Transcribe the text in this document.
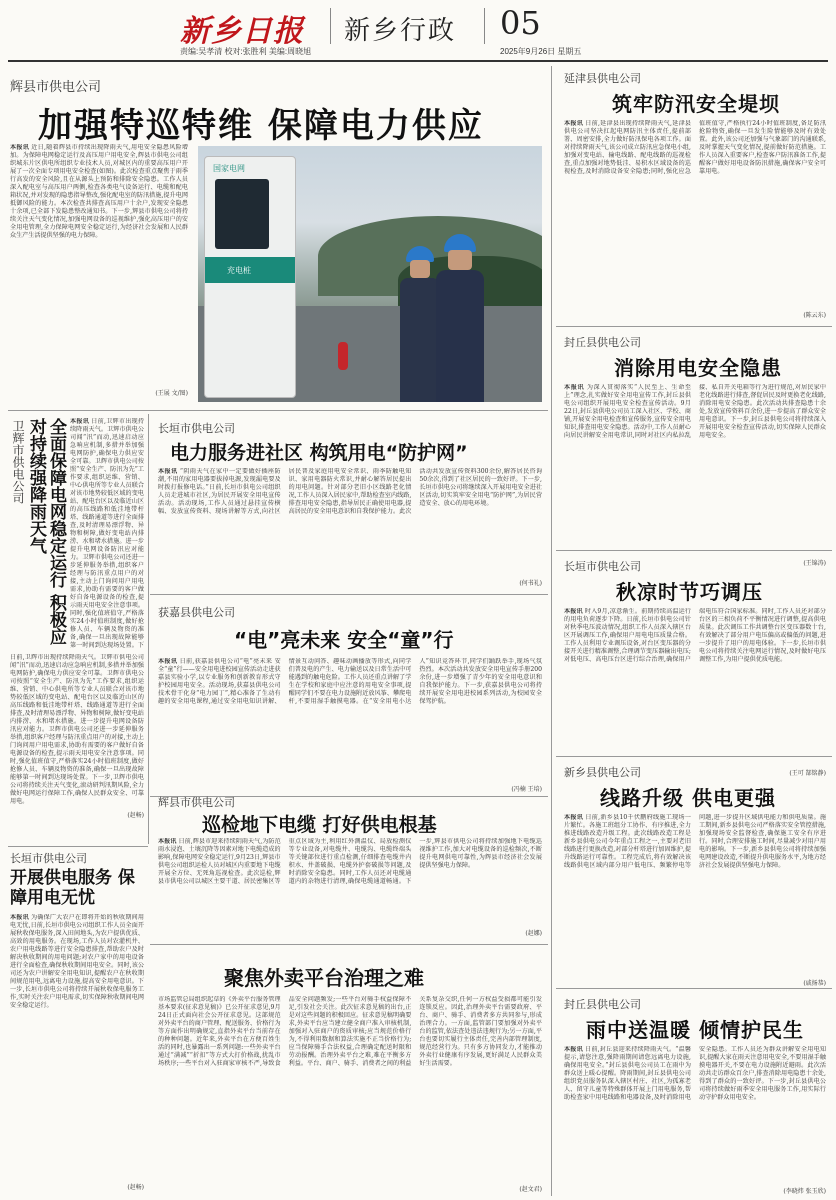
新乡日报 新乡行政 05
责编:吴孝清 校对:张胜利 美编:周晓旭	2025年9月26日 星期五
辉县市供电公司
加强特巡特维 保障电力供应
本报讯 近日,随着辉县市持续出现降雨天气,用电安全隐患风险增加。为保障电网稳定运行及高压用户用电安全,辉县市供电公司组织城东片区供电所组织专业技术人员,对城区内的重要高压用户开展了一次全面专项用电安全检查(如图)。此次检查重点聚焦于雨季行高发的安全风险,且在从源头上预防和排除安全隐患。工作人员深入配电室与高压用户两侧,检查各类电气设备运行、电缆和配电箱状况,并对发现的隐患指导整改,强化配电室的防汛措施,提升电网抵御风险的能力。本次检查共排查高压用户十余户,发现安全隐患十余项,已全部下发隐患整改通知书。下一步,辉县市供电公司将持续关注天气变化情况,加强电网设备的巡视维护,强化高压用户的安全用电管理,全力保障电网安全稳定运行,为经济社会发展和人民群众生产生活提供坚强的电力保障。
(王展 文/图)
国家电网
充电桩
延津县供电公司
筑牢防汛安全堤坝
本报讯 日前,延津县出现持续降雨天气,延津县供电公司坚决扛起电网防汛主体责任,提前部署、周密安排,全力做好防汛保电各项工作。面对持续降雨天气,该公司成立防汛应急保电小组,加强对变电站、输电线路、配电线路的巡视检查,重点加强对地势低洼、易积水区域设备的巡视检查,及时消除设备安全隐患;同时,强化应急值班值守,严格执行24小时值班制度,备足防汛抢险物资,确保一旦发生险情能够及时有效处置。此外,该公司还加强与气象部门的沟通联系,及时掌握天气变化情况,提前做好防范措施。工作人员深入重要客户,检查客户防汛准备工作,提醒客户做好用电设备防汛措施,确保客户安全可靠用电。
(陈云东)
封丘县供电公司
消除用电安全隐患
本报讯 为深入贯彻落实“人民至上、生命至上”理念,扎实做好安全用电宣传工作,封丘县供电公司组织开展用电安全检查宣传活动。9月22日,封丘县供电公司员工深入社区、学校、商铺,开展安全用电检查和宣传服务,宣传安全用电知识,排查用电安全隐患。活动中,工作人员耐心向居民讲解安全用电常识,同时对社区内私拉乱接、私自开关电箱等行为进行规范,对居民家中老化线路进行排查,督促居民及时更换老化线路,消除用电安全隐患。此次活动共排查隐患十余处,发放宣传资料百余份,进一步提高了群众安全用电意识。下一步,封丘县供电公司将持续深入开展用电安全检查宣传活动,切实保障人民群众用电安全。
(王锦涛)
长垣市供电公司
秋凉时节巧调压
本报讯 时入9月,凉意渐生。前期持续高温运行的用电负荷逐步下降。日前,长垣市供电公司针对秋季电压波动情况,组织工作人员深入辖区台区开展调压工作,确保用户用电电压质量合格。工作人员利用专业调压设备,对台区变压器的分接开关进行精准调整,合理调节变压器输出电压;对低电压、高电压台区进行综合治理,确保用户端电压符合国家标准。同时,工作人员还对部分台区的三相负荷不平衡情况进行调整,提高供电质量。此次调压工作共调整台区变压器数十台,有效解决了部分用户电压偏高或偏低的问题,进一步提升了用户的用电体验。下一步,长垣市供电公司将持续关注电网运行情况,及时做好电压调整工作,为用户提供优质电能。
(王可 郜铭静)
新乡县供电公司
线路升级 供电更强
本报讯 日前,新乡县10千伏鹏府线施工现场一片繁忙。各施工班组分工协作、有序推进,全力推进线路改造升级工程。此次线路改造工程是新乡县供电公司今年重点工程之一,主要对老旧线路进行更换改造,对部分杆塔进行加固维护,提升线路运行可靠性。工程完成后,将有效解决该线路供电区域内部分用户低电压、频繁停电等问题,进一步提升区域供电能力和供电质量。施工期间,新乡县供电公司严格落实安全管控措施,加强现场安全监督检查,确保施工安全有序进行。同时,合理安排施工时间,尽量减少对用户用电的影响。下一步,新乡县供电公司将持续加强电网建设改造,不断提升供电服务水平,为地方经济社会发展提供坚强电力保障。
(戚扬恭)
封丘县供电公司
雨中送温暖 倾情护民生
本报讯 日前,封丘县迎来持续降雨天气。“温馨提示,请您注意,强降雨期间请您远离电力设施,确保用电安全。”封丘县供电公司员工在雨中为群众送上暖心提醒。降雨期间,封丘县供电公司组织党员服务队深入辖区村庄、社区,为孤寡老人、留守儿童等特殊群体开展上门用电服务,帮助检查家中用电线路和电器设备,及时消除用电安全隐患。工作人员还为群众讲解安全用电知识,提醒大家在雨天注意用电安全,不要用湿手触摸电器开关,不要在电力设施附近避雨。此次活动共走访群众百余户,排查消除用电隐患十余处,得到了群众的一致好评。下一步,封丘县供电公司将持续做好雨季安全用电服务工作,用实际行动守护群众用电安全。
(李晓炜 张玉欣)
卫辉市供电公司	全面保障电网稳定运行 积极应对持续强降雨天气	本报讯 日前,卫辉市出现持续降雨天气。卫辉市供电公司闻“汛”而动,迅速启动应急响应机制,多措并举加强电网防护,确保电力供应安全可靠。卫辉市供电公司按照“安全生产、防汛为先”工作要求,组织运维、营销、中心供电所等专业人员联合对该市地势较低区域的变电站、配电台区以及临近山区的高压线路和低洼地带杆塔、线路通道等进行全面排查,及时清理易漂浮物、异物和树障,做好变电站内排涝、水和堵水措施。进一步提升电网设备防汛应对能力。卫辉市供电公司还进一步延伸服务举措,组织客户经理与防汛重点用户的对接,主动上门询问用户用电需求,协助有需要的客户做好自备电源设备的检查,提示雨天用电安全注意事项。同时,强化值班值守,严格落实24小时值班制度,做好抢修人员、车辆及物资的准备,确保一旦出现故障能够第一时间到达现场处置。下
日前,卫辉市出现持续降雨天气。卫辉市供电公司闻“汛”而动,迅速启动应急响应机制,多措并举加强电网防护,确保电力供应安全可靠。卫辉市供电公司按照“安全生产、防汛为先”工作要求,组织运维、营销、中心供电所等专业人员联合对该市地势较低区域的变电站、配电台区以及临近山区的高压线路和低洼地带杆塔、线路通道等进行全面排查,及时清理易漂浮物、异物和树障,做好变电站内排涝、水和堵水措施。进一步提升电网设备防汛应对能力。卫辉市供电公司还进一步延伸服务举措,组织客户经理与防汛重点用户的对接,主动上门询问用户用电需求,协助有需要的客户做好自备电源设备的检查,提示雨天用电安全注意事项。同时,强化值班值守,严格落实24小时值班制度,做好抢修人员、车辆及物资的准备,确保一旦出现故障能够第一时间到达现场处置。下一步,卫辉市供电公司将持续关注天气变化,滚动研判汛期风险,全力做好电网运行保障工作,确保人民群众安全、可靠用电。
(赵畅)
长垣市供电公司
电力服务进社区 构筑用电“防护网”
本报讯 “阴雨天气在家中一定要做好插座防潮,不用的家用电器要拔掉电源,发现漏电要及时拨打报修电话。”日前,长垣市供电公司组织人员走进城市社区,为居民开展安全用电宣传活动。活动现场,工作人员通过悬挂宣传横幅、发放宣传资料、现场讲解等方式,向社区居民普及家庭用电安全常识、雨季防触电知识、家用电器防火常识,并耐心解答居民提出的用电问题。针对部分老旧小区线路老化情况,工作人员深入居民家中,帮助检查室内线路,排查用电安全隐患,指导居民正确使用电器,提高居民的安全用电意识和自我保护能力。此次活动共发放宣传资料300余份,解答居民咨询50余次,得到了社区居民的一致好评。下一步,长垣市供电公司将继续深入开展用电安全进社区活动,切实筑牢安全用电“防护网”,为居民营造安全、放心的用电环境。
(何书礼)
获嘉县供电公司
“电”亮未来 安全“童”行
本报讯 日前,获嘉县供电公司“电”亮未来 安全“童”行——安全用电进校园宣传活动走进获嘉县实验小学,以专业服务和创新教育形式守护校园用电安全。活动现场,获嘉县供电公司技术骨干化身“电力园丁”,精心准备了生动有趣的安全用电课程,通过安全用电知识讲解、情景互动问答、趣味动画播放等形式,向同学们普及电的产生、电力输送以及日常生活中可能遇到的触电危险。工作人员还重点讲解了学生在学校和家庭中应注意的用电安全事项,提醒同学们不要在电力设施附近放风筝、攀爬电杆,不要用湿手触摸电器。在“安全用电小达人”知识竞答环节,同学们踊跃举手,现场气氛热烈。本次活动共发放安全用电宣传手册200余份,进一步增强了青少年的安全用电意识和自我保护能力。下一步,获嘉县供电公司将持续开展安全用电进校园系列活动,为校园安全保驾护航。
(冯楠 王培)
辉县市供电公司
巡检地下电缆 打好供电根基
本报讯 日前,辉县市迎来持续阴雨天气,为防范雨水浸泡、土壤沉降等因素对地下电缆造成的影响,保障电网安全稳定运行,9月23日,辉县市供电公司组织运检人员对城区内重要地下电缆开展全方位、无死角巡视检查。此次巡检,辉县市供电公司以城区主要干道、居民密集区等重点区域为主,利用红外测温仪、局放检测仪等专业设备,对电缆井、电缆沟、电缆终端头等关键部位进行重点检测,仔细排查电缆井内积水、井盖破损、电缆外护套破损等问题,及时消除安全隐患。同时,工作人员还对电缆通道内的杂物进行清理,确保电缆通道畅通。下一步,辉县市供电公司将持续加强地下电缆巡视维护工作,加大对电缆设备的巡检频次,不断提升电网供电可靠性,为辉县市经济社会发展提供坚强电力保障。
(赵娜)
长垣市供电公司
开展供电服务 保障用电无忧
本报讯 为确保广大农户在即将开始的秋收期间用电无忧,日前,长垣市供电公司组织工作人员全面开展秋收保电服务,深入田间地头,为农户提供优质、高效的用电服务。在现场,工作人员对农灌机井、农户用电线路等进行安全隐患排查,帮助农户及时解决秋收期间的用电问题;对农户家中的用电设备进行全面检查,确保秋收期间用电安全。同时,该公司还为农户讲解安全用电知识,提醒农户在秋收期间规范用电,远离电力设施,提高安全用电意识。下一步,长垣市供电公司将持续开展秋收保电服务工作,实时关注农户用电需求,切实保障秋收期间电网安全稳定运行。
(赵畅)
聚焦外卖平台治理之难
市场监管总局组织起草的《外卖平台服务管理基本要求(征求意见稿)》已公开征求意见,9月24日正式面向社会公开征求意见。这部规范对外卖平台的商户管理、配送服务、价格行为等方面作出明确规定,直指外卖平台当前存在的种种问题。近年来,外卖平台在方便百姓生活的同时,也暴露出一系列问题:一些外卖平台通过“满减”“折扣”等方式大打价格战,扰乱市场秩序;一些平台对入驻商家审核不严,导致食品安全问题频发;一些平台对骑手权益保障不足,引发社会关注。此次征求意见稿的出台,正是对这些问题的积极回应。征求意见稿明确要求,外卖平台应当建立健全商户准入审核机制,加强对入驻商户的资质审核;应当规范价格行为,不得利用数据和算法实施不正当价格行为;应当保障骑手合法权益,合理确定配送时限和劳动报酬。治理外卖平台之难,难在平衡多方利益。平台、商户、骑手、消费者之间的利益关系复杂交织,任何一方权益受损都可能引发连锁反应。因此,治理外卖平台需要政府、平台、商户、骑手、消费者多方共同参与,形成治理合力。一方面,监管部门要加强对外卖平台的监管,依法查处违法违规行为;另一方面,平台也要切实履行主体责任,完善内部管理制度,规范经营行为。只有多方协同发力,才能推动外卖行业健康有序发展,更好满足人民群众美好生活需要。
(赵文君)
